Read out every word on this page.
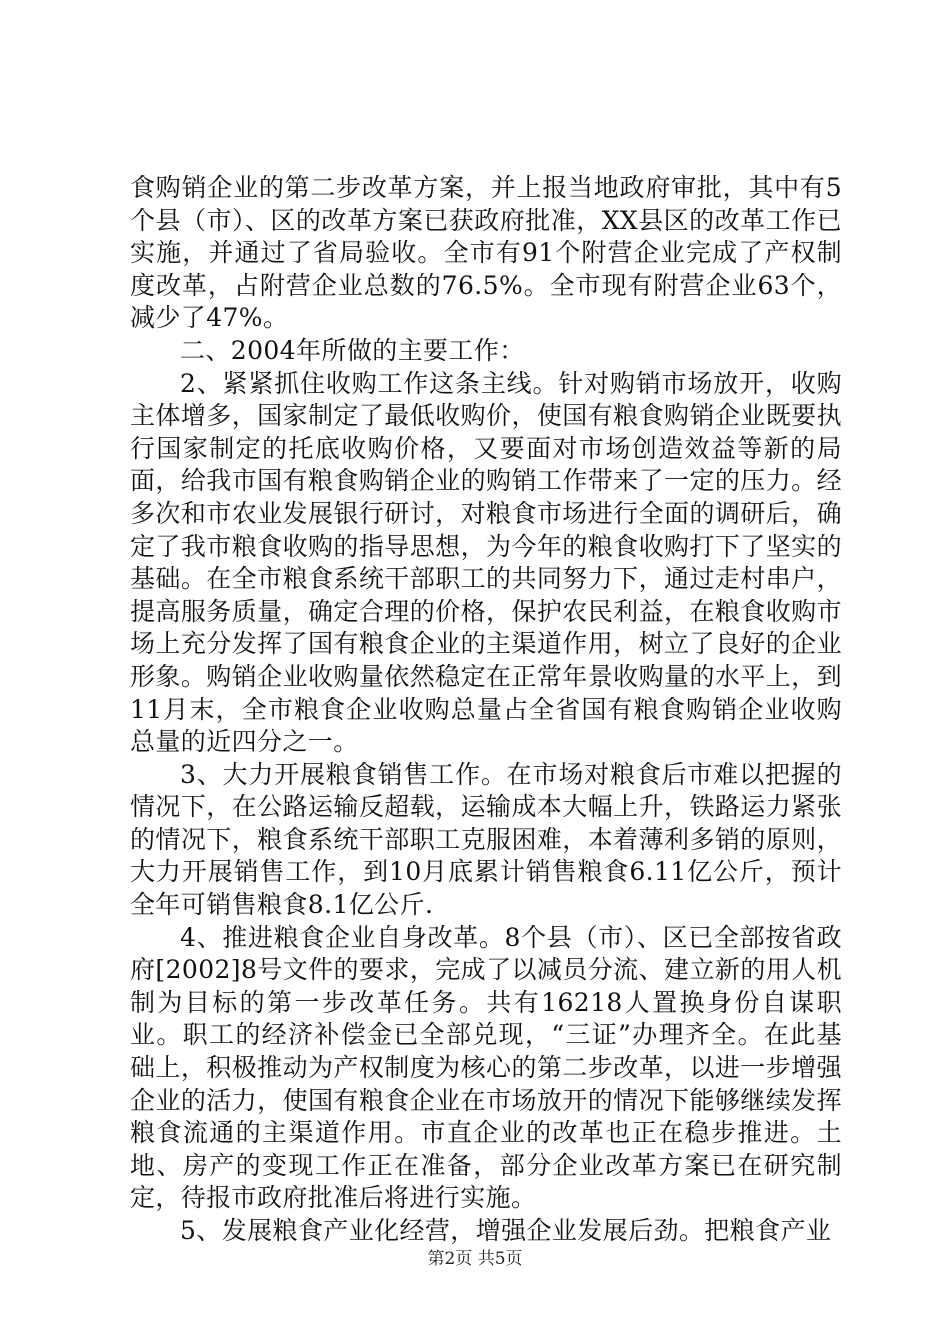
食购销企业的第二步改革方案，并上报当地政府审批，其中有5个县（市）、区的改革方案已获政府批准，XX县区的改革工作已实施，并通过了省局验收。全市有91个附营企业完成了产权制度改革，占附营企业总数的76.5%。全市现有附营企业63个，减少了47%。

二、2004年所做的主要工作：

2、紧紧抓住收购工作这条主线。针对购销市场放开，收购主体增多，国家制定了最低收购价，使国有粮食购销企业既要执行国家制定的托底收购价格，又要面对市场创造效益等新的局面，给我市国有粮食购销企业的购销工作带来了一定的压力。经多次和市农业发展银行研讨，对粮食市场进行全面的调研后，确定了我市粮食收购的指导思想，为今年的粮食收购打下了坚实的基础。在全市粮食系统干部职工的共同努力下，通过走村串户，提高服务质量，确定合理的价格，保护农民利益，在粮食收购市场上充分发挥了国有粮食企业的主渠道作用，树立了良好的企业形象。购销企业收购量依然稳定在正常年景收购量的水平上，到11月末，全市粮食企业收购总量占全省国有粮食购销企业收购总量的近四分之一。

3、大力开展粮食销售工作。在市场对粮食后市难以把握的情况下，在公路运输反超载，运输成本大幅上升，铁路运力紧张的情况下，粮食系统干部职工克服困难，本着薄利多销的原则，大力开展销售工作，到10月底累计销售粮食6.11亿公斤，预计全年可销售粮食8.1亿公斤.

4、推进粮食企业自身改革。8个县（市）、区已全部按省政府[2002]8号文件的要求，完成了以减员分流、建立新的用人机制为目标的第一步改革任务。共有16218人置换身份自谋职业。职工的经济补偿金已全部兑现，“三证”办理齐全。在此基础上，积极推动为产权制度为核心的第二步改革，以进一步增强企业的活力，使国有粮食企业在市场放开的情况下能够继续发挥粮食流通的主渠道作用。市直企业的改革也正在稳步推进。土地、房产的变现工作正在准备，部分企业改革方案已在研究制定，待报市政府批准后将进行实施。

5、发展粮食产业化经营，增强企业发展后劲。把粮食产业

第2页 共5页
